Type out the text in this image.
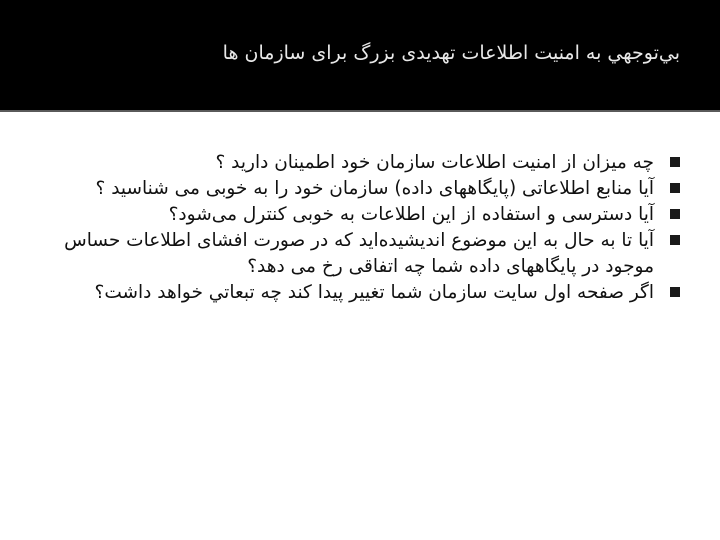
بي‌توجهي به امنیت اطلاعات تهدیدی بزرگ برای سازمان ها
چه میزان از امنیت اطلاعات سازمان خود اطمینان دارید ؟
آیا منابع اطلاعاتی (پایگاههای داده) سازمان خود را به خوبی می شناسید ؟
آیا دسترسی و استفاده از این اطلاعات به خوبی کنترل می‌شود؟
آیا تا به حال به این موضوع اندیشیده‌اید که در صورت افشای اطلاعات حساس موجود در پایگاههای داده شما چه اتفاقی رخ می دهد؟
اگر صفحه اول سایت سازمان شما تغییر پیدا کند چه تبعاتي خواهد داشت؟
